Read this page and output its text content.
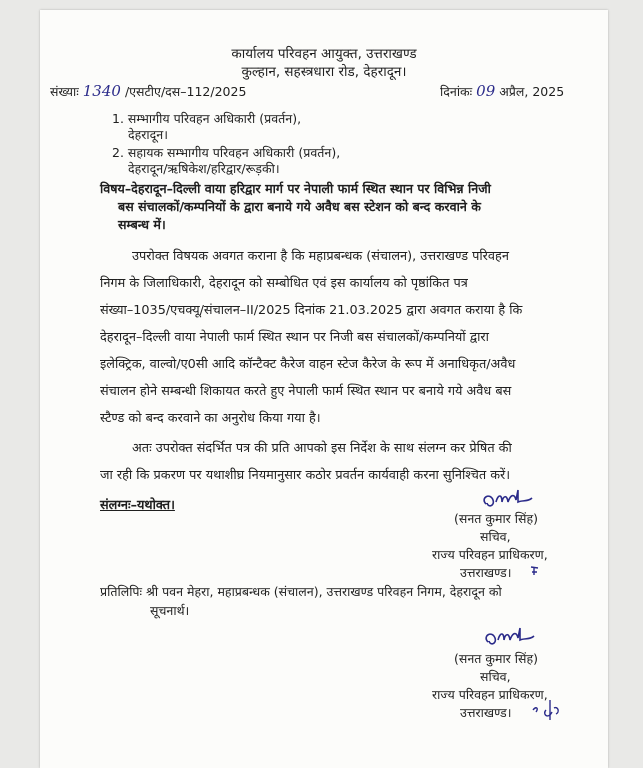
कार्यालय परिवहन आयुक्त, उत्तराखण्ड
कुल्हान, सहस्त्रधारा रोड, देहरादून।
संख्याः 1340 /एसटीए/दस–112/2025	दिनांकः 09 अप्रैल, 2025
1. सम्भागीय परिवहन अधिकारी (प्रवर्तन),
देहरादून।
2. सहायक सम्भागीय परिवहन अधिकारी (प्रवर्तन),
देहरादून/ऋषिकेश/हरिद्वार/रूड़की।
विषय–देहरादून–दिल्ली वाया हरिद्वार मार्ग पर नेपाली फार्म स्थित स्थान पर विभिन्न निजी
बस संचालकों/कम्पनियों के द्वारा बनाये गये अवैध बस स्टेशन को बन्द करवाने के
सम्बन्ध में।
उपरोक्त विषयक अवगत कराना है कि महाप्रबन्धक (संचालन), उत्तराखण्ड परिवहन
निगम के जिलाधिकारी, देहरादून को सम्बोधित एवं इस कार्यालय को पृष्ठांकित पत्र
संख्या–1035/एचक्यू/संचालन–II/2025 दिनांक 21.03.2025 द्वारा अवगत कराया है कि
देहरादून–दिल्ली वाया नेपाली फार्म स्थित स्थान पर निजी बस संचालकों/कम्पनियों द्वारा
इलेक्ट्रिक, वाल्वो/ए0सी आदि कॉन्टैक्ट कैरेज वाहन स्टेज कैरेज के रूप में अनाधिकृत/अवैध
संचालन होने सम्बन्धी शिकायत करते हुए नेपाली फार्म स्थित स्थान पर बनाये गये अवैध बस
स्टैण्ड को बन्द करवाने का अनुरोध किया गया है।
अतः उपरोक्त संदर्भित पत्र की प्रति आपको इस निर्देश के साथ संलग्न कर प्रेषित की
जा रही कि प्रकरण पर यथाशीघ्र नियमानुसार कठोर प्रवर्तन कार्यवाही करना सुनिश्चित करें।
संलग्नः–यथोक्त।
(सनत कुमार सिंह)
सचिव,
राज्य परिवहन प्राधिकरण,
उत्तराखण्ड।
प्रतिलिपिः श्री पवन मेहरा, महाप्रबन्धक (संचालन), उत्तराखण्ड परिवहन निगम, देहरादून को
सूचनार्थ।
(सनत कुमार सिंह)
सचिव,
राज्य परिवहन प्राधिकरण,
उत्तराखण्ड।
